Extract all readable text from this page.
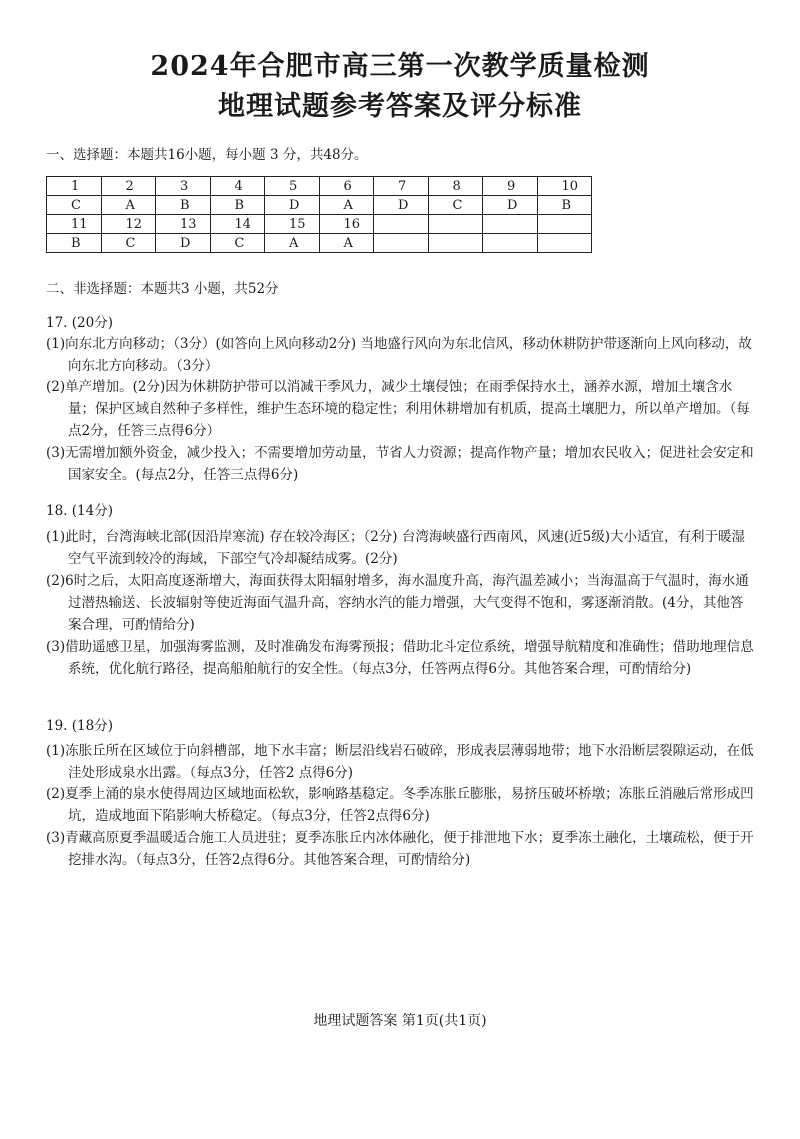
2024年合肥市高三第一次教学质量检测
地理试题参考答案及评分标准
一、选择题：本题共16小题，每小题 3 分，共48分。
1	2	3	4	5	6	7	8	9	10
C	A	B	B	D	A	D	C	D	B
11	12	13	14	15	16				
B	C	D	C	A	A				
二、非选择题：本题共3 小题，共52分
17. (20分)
(1)向东北方向移动；（3分）(如答向上风向移动2分) 当地盛行风向为东北信风，移动休耕防护带逐渐向上风向移动，故向东北方向移动。（3分）
(2)单产增加。(2分)因为休耕防护带可以消减干季风力，减少土壤侵蚀；在雨季保持水土，涵养水源，增加土壤含水量；保护区域自然种子多样性，维护生态环境的稳定性；利用休耕增加有机质，提高土壤肥力，所以单产增加。（每点2分，任答三点得6分）
(3)无需增加额外资金，减少投入；不需要增加劳动量，节省人力资源；提高作物产量；增加农民收入；促进社会安定和国家安全。(每点2分，任答三点得6分)
18. (14分)
(1)此时，台湾海峡北部(因沿岸寒流) 存在较冷海区；（2分) 台湾海峡盛行西南风，风速(近5级)大小适宜，有利于暖湿空气平流到较冷的海域，下部空气冷却凝结成雾。(2分)
(2)6时之后，太阳高度逐渐增大，海面获得太阳辐射增多，海水温度升高，海汽温差减小；当海温高于气温时，海水通过潜热输送、长波辐射等使近海面气温升高，容纳水汽的能力增强，大气变得不饱和，雾逐渐消散。(4分，其他答案合理，可酌情给分)
(3)借助遥感卫星，加强海雾监测，及时准确发布海雾预报；借助北斗定位系统，增强导航精度和准确性；借助地理信息系统，优化航行路径，提高船舶航行的安全性。（每点3分，任答两点得6分。其他答案合理，可酌情给分)
19. (18分)
(1)冻胀丘所在区域位于向斜槽部，地下水丰富；断层沿线岩石破碎，形成表层薄弱地带；地下水沿断层裂隙运动，在低洼处形成泉水出露。（每点3分，任答2 点得6分)
(2)夏季上涌的泉水使得周边区域地面松软，影响路基稳定。冬季冻胀丘膨胀，易挤压破坏桥墩；冻胀丘消融后常形成凹坑，造成地面下陷影响大桥稳定。（每点3分，任答2点得6分)
(3)青藏高原夏季温暖适合施工人员进驻；夏季冻胀丘内冰体融化，便于排泄地下水；夏季冻土融化，土壤疏松，便于开挖排水沟。（每点3分，任答2点得6分。其他答案合理，可酌情给分)
地理试题答案 第1页(共1页)
